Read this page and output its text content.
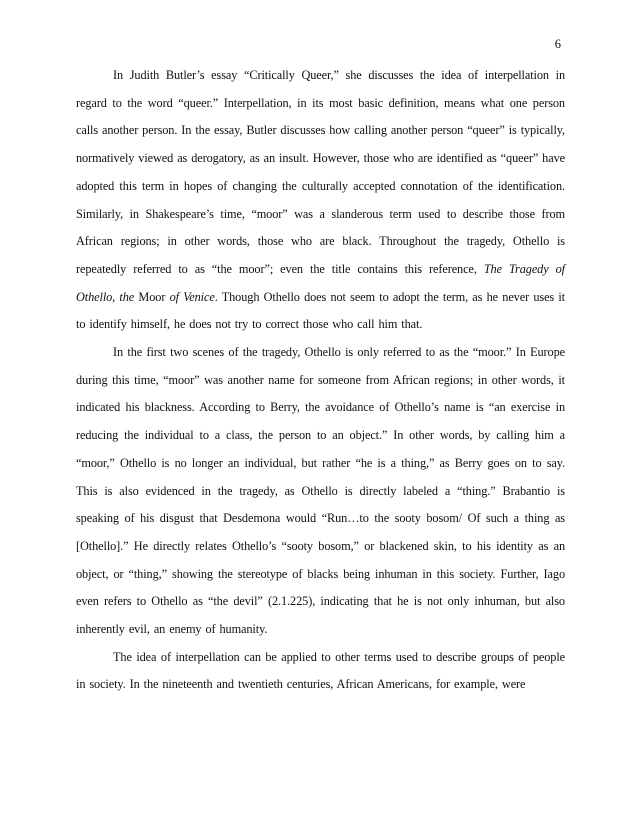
6

In Judith Butler’s essay “Critically Queer,” she discusses the idea of interpellation in regard to the word “queer.” Interpellation, in its most basic definition, means what one person calls another person. In the essay, Butler discusses how calling another person “queer” is typically, normatively viewed as derogatory, as an insult. However, those who are identified as “queer” have adopted this term in hopes of changing the culturally accepted connotation of the identification. Similarly, in Shakespeare’s time, “moor” was a slanderous term used to describe those from African regions; in other words, those who are black. Throughout the tragedy, Othello is repeatedly referred to as “the moor”; even the title contains this reference, The Tragedy of Othello, the Moor of Venice. Though Othello does not seem to adopt the term, as he never uses it to identify himself, he does not try to correct those who call him that.

In the first two scenes of the tragedy, Othello is only referred to as the “moor.” In Europe during this time, “moor” was another name for someone from African regions; in other words, it indicated his blackness. According to Berry, the avoidance of Othello’s name is “an exercise in reducing the individual to a class, the person to an object.” In other words, by calling him a “moor,” Othello is no longer an individual, but rather “he is a thing,” as Berry goes on to say. This is also evidenced in the tragedy, as Othello is directly labeled a “thing.” Brabantio is speaking of his disgust that Desdemona would “Run…to the sooty bosom/ Of such a thing as [Othello].” He directly relates Othello’s “sooty bosom,” or blackened skin, to his identity as an object, or “thing,” showing the stereotype of blacks being inhuman in this society. Further, Iago even refers to Othello as “the devil” (2.1.225), indicating that he is not only inhuman, but also inherently evil, an enemy of humanity.

The idea of interpellation can be applied to other terms used to describe groups of people in society. In the nineteenth and twentieth centuries, African Americans, for example, were
